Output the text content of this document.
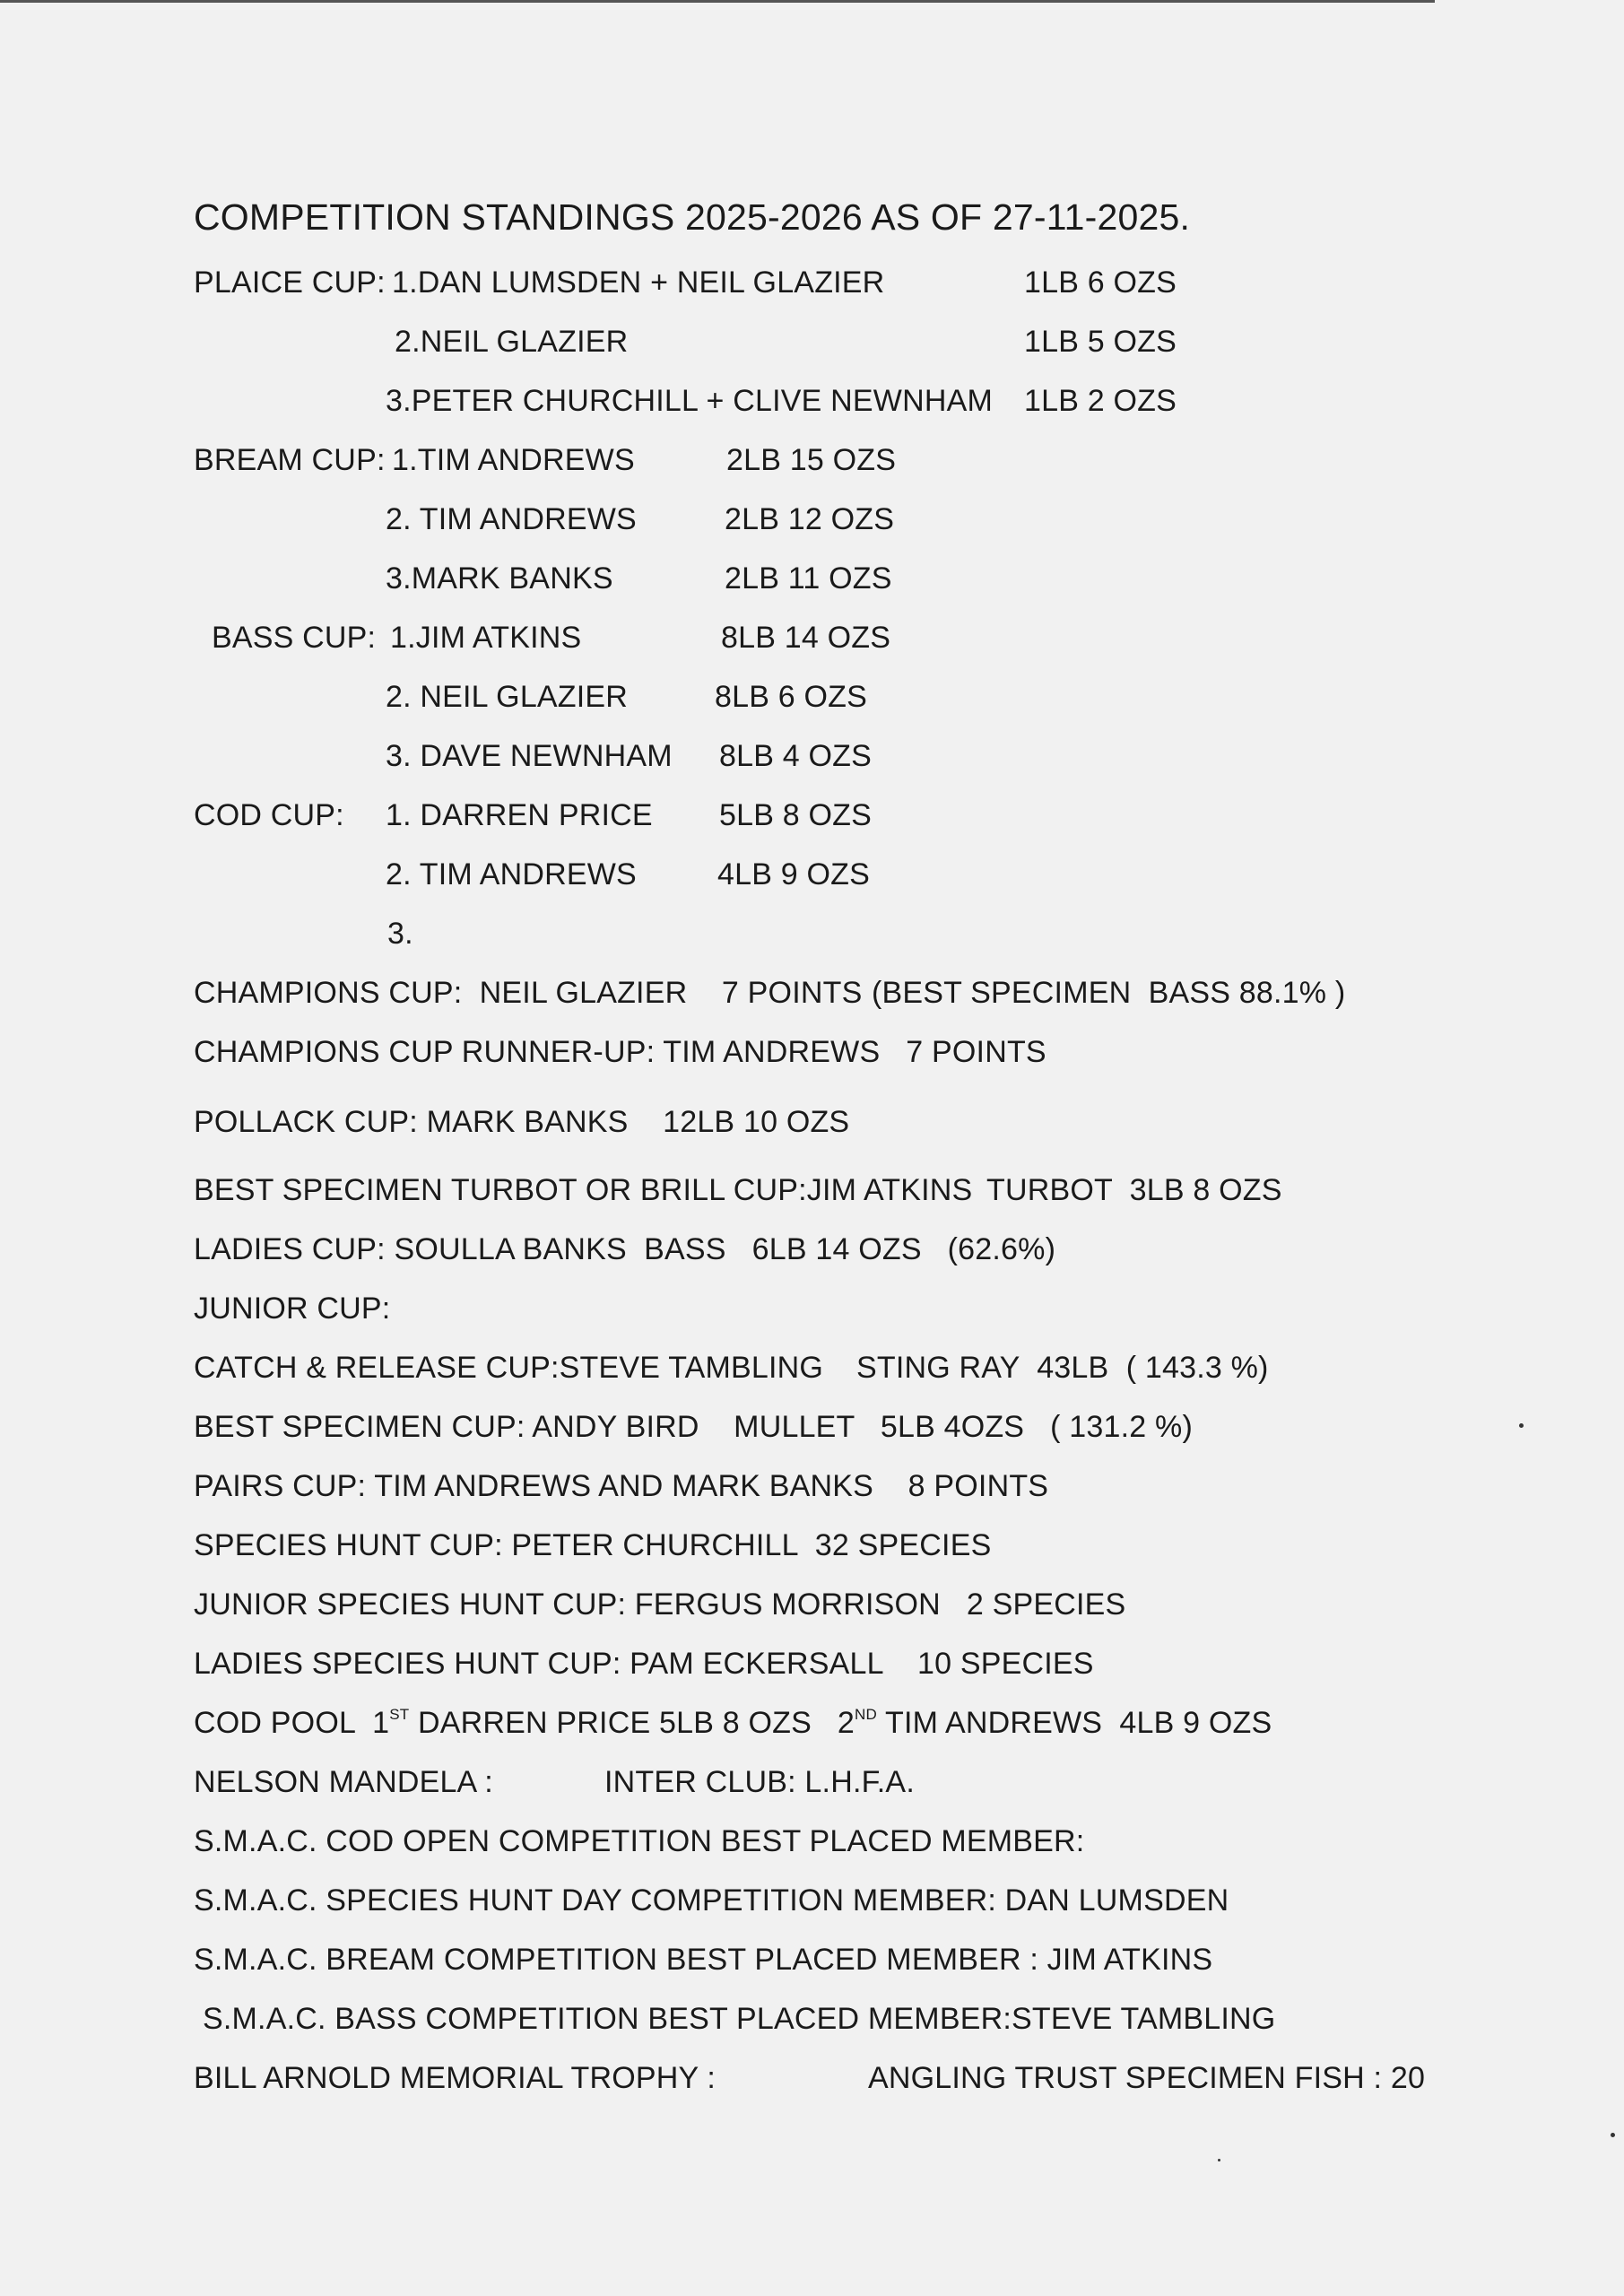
COMPETITION STANDINGS 2025-2026 AS OF 27-11-2025.
PLAICE CUP: 1.DAN LUMSDEN + NEIL GLAZIER	1LB 6 OZS
2.NEIL GLAZIER	1LB 5 OZS
3.PETER CHURCHILL + CLIVE NEWNHAM 1LB 2 OZS
BREAM CUP: 1.TIM ANDREWS	2LB 15 OZS
2. TIM ANDREWS	2LB 12 OZS
3.MARK BANKS	2LB 11 OZS
BASS CUP: 1.JIM ATKINS	8LB 14 OZS
2. NEIL GLAZIER	8LB 6 OZS
3. DAVE NEWNHAM 8LB 4 OZS
COD CUP: 1. DARREN PRICE 5LB 8 OZS
2. TIM ANDREWS	4LB 9 OZS
3.
CHAMPIONS CUP:  NEIL GLAZIER    7 POINTS (BEST SPECIMEN  BASS 88.1% )
CHAMPIONS CUP RUNNER-UP: TIM ANDREWS   7 POINTS
POLLACK CUP: MARK BANKS    12LB 10 OZS
BEST SPECIMEN TURBOT OR BRILL CUP:JIM ATKINS TURBOT  3LB 8 OZS
LADIES CUP: SOULLA BANKS  BASS   6LB 14 OZS   (62.6%)
JUNIOR CUP:
CATCH & RELEASE CUP:STEVE TAMBLING STING RAY  43LB  ( 143.3 %)
BEST SPECIMEN CUP: ANDY BIRD    MULLET   5LB 4OZS   ( 131.2 %)
PAIRS CUP: TIM ANDREWS AND MARK BANKS    8 POINTS
SPECIES HUNT CUP: PETER CHURCHILL  32 SPECIES
JUNIOR SPECIES HUNT CUP: FERGUS MORRISON   2 SPECIES
LADIES SPECIES HUNT CUP: PAM ECKERSALL    10 SPECIES
COD POOL  1ST DARREN PRICE 5LB 8 OZS   2ND TIM ANDREWS  4LB 9 OZS
NELSON MANDELA :	INTER CLUB: L.H.F.A.
S.M.A.C. COD OPEN COMPETITION BEST PLACED MEMBER:
S.M.A.C. SPECIES HUNT DAY COMPETITION MEMBER: DAN LUMSDEN
S.M.A.C. BREAM COMPETITION BEST PLACED MEMBER : JIM ATKINS
S.M.A.C. BASS COMPETITION BEST PLACED MEMBER:STEVE TAMBLING
BILL ARNOLD MEMORIAL TROPHY :	ANGLING TRUST SPECIMEN FISH : 20
